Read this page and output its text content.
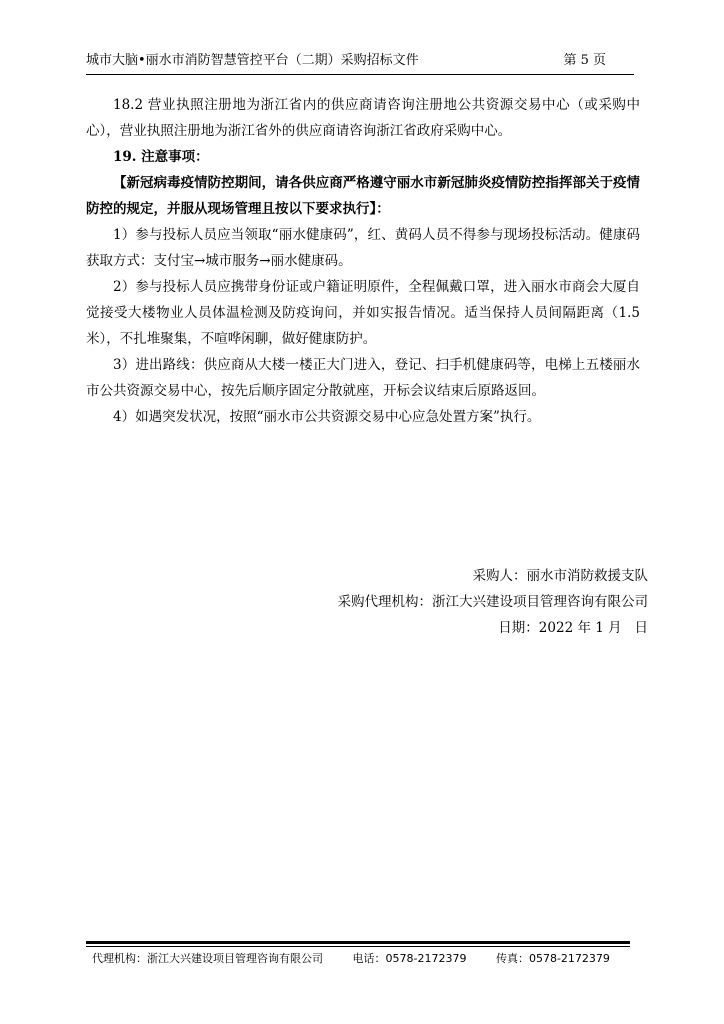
城市大脑•丽水市消防智慧管控平台（二期）采购招标文件	第 5 页

18.2 营业执照注册地为浙江省内的供应商请咨询注册地公共资源交易中心（或采购中心），营业执照注册地为浙江省外的供应商请咨询浙江省政府采购中心。

19. 注意事项：

【新冠病毒疫情防控期间，请各供应商严格遵守丽水市新冠肺炎疫情防控指挥部关于疫情防控的规定，并服从现场管理且按以下要求执行】：

1）参与投标人员应当领取“丽水健康码”，红、黄码人员不得参与现场投标活动。健康码获取方式：支付宝→城市服务→丽水健康码。

2）参与投标人员应携带身份证或户籍证明原件，全程佩戴口罩，进入丽水市商会大厦自觉接受大楼物业人员体温检测及防疫询问，并如实报告情况。适当保持人员间隔距离（1.5米），不扎堆聚集，不喧哗闲聊，做好健康防护。

3）进出路线：供应商从大楼一楼正大门进入，登记、扫手机健康码等，电梯上五楼丽水市公共资源交易中心，按先后顺序固定分散就座，开标会议结束后原路返回。

4）如遇突发状况，按照“丽水市公共资源交易中心应急处置方案”执行。

采购人：丽水市消防救援支队
采购代理机构：浙江大兴建设项目管理咨询有限公司
日期：2022 年 1 月   日
代理机构：浙江大兴建设项目管理咨询有限公司	电话：0578-2172379	传真：0578-2172379
